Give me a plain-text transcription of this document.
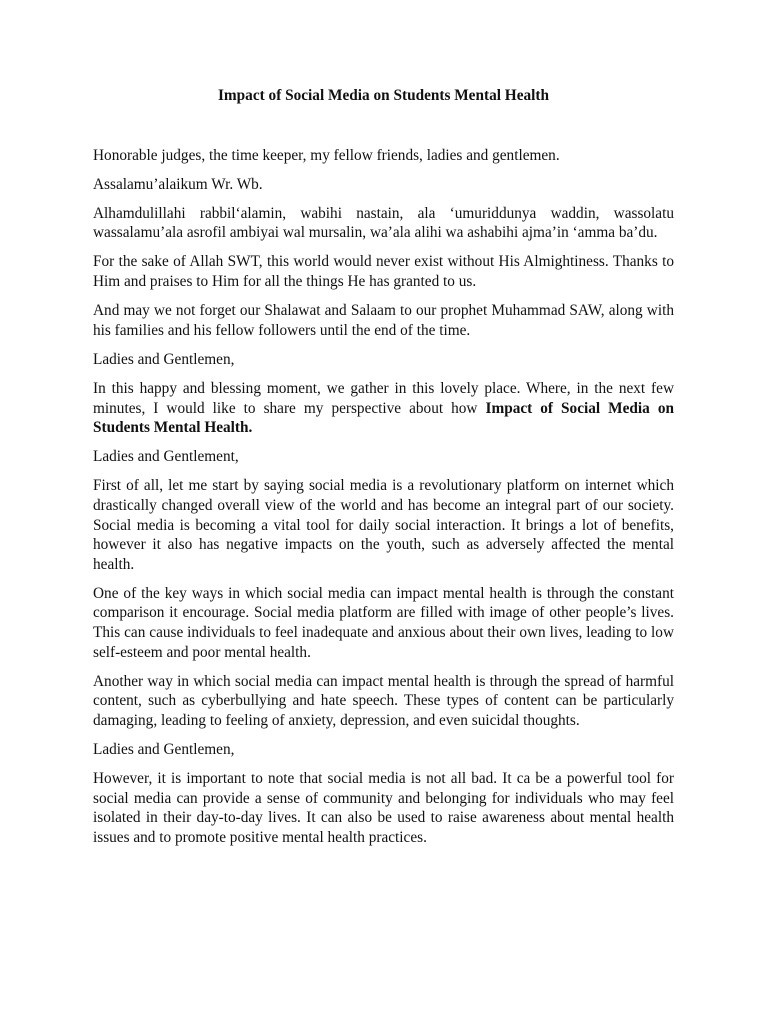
Impact of Social Media on Students Mental Health

Honorable judges, the time keeper, my fellow friends, ladies and gentlemen.

Assalamu’alaikum Wr. Wb.

Alhamdulillahi rabbil‘alamin, wabihi nastain, ala ‘umuriddunya waddin, wassolatu wassalamu’ala asrofil ambiyai wal mursalin, wa’ala alihi wa ashabihi ajma’in ‘amma ba’du.

For the sake of Allah SWT, this world would never exist without His Almightiness. Thanks to Him and praises to Him for all the things He has granted to us.

And may we not forget our Shalawat and Salaam to our prophet Muhammad SAW, along with his families and his fellow followers until the end of the time.

Ladies and Gentlemen,

In this happy and blessing moment, we gather in this lovely place. Where, in the next few minutes, I would like to share my perspective about how Impact of Social Media on Students Mental Health.

Ladies and Gentlement,

First of all, let me start by saying social media is a revolutionary platform on internet which drastically changed overall view of the world and has become an integral part of our society. Social media is becoming a vital tool for daily social interaction. It brings a lot of benefits, however it also has negative impacts on the youth, such as adversely affected the mental health.

One of the key ways in which social media can impact mental health is through the constant comparison it encourage. Social media platform are filled with image of other people’s lives. This can cause individuals to feel inadequate and anxious about their own lives, leading to low self-esteem and poor mental health.

Another way in which social media can impact mental health is through the spread of harmful content, such as cyberbullying and hate speech. These types of content can be particularly damaging, leading to feeling of anxiety, depression, and even suicidal thoughts.

Ladies and Gentlemen,

However, it is important to note that social media is not all bad. It ca be a powerful tool for social media can provide a sense of community and belonging for individuals who may feel isolated in their day-to-day lives. It can also be used to raise awareness about mental health issues and to promote positive mental health practices.
